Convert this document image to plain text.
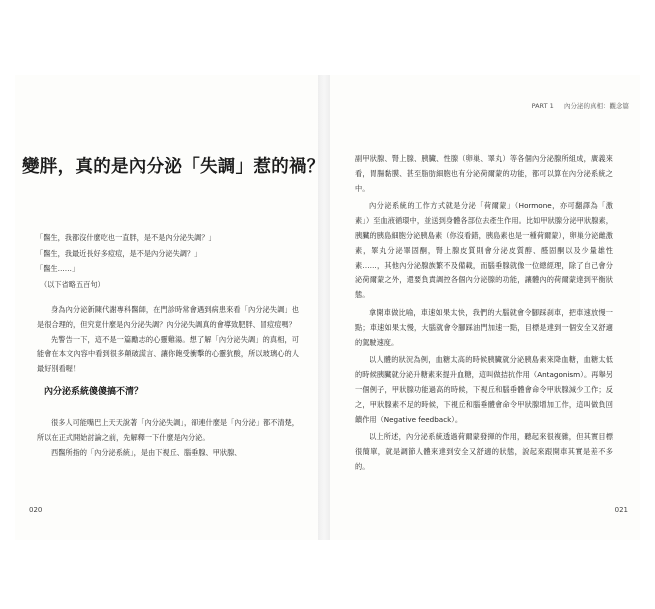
020	021
PART 1 內分泌的真相：觀念篇
變胖，真的是內分泌「失調」惹的禍？
「醫生，我都沒什麼吃也一直胖，是不是內分泌失調？」
「醫生，我最近長好多痘痘，是不是內分泌失調？」
「醫生……」
（以下省略五百句）

身為內分泌新陳代謝專科醫師，在門診時常會遇到病患來看「內分泌失調」也是很合理的，但究竟什麼是內分泌失調？內分泌失調真的會導致肥胖、冒痘痘嗎？

先警告一下，這不是一篇勵志的心靈雞湯。想了解「內分泌失調」的真相，可能會在本文內容中看到很多顛破謊言、讓你飽受衝擊的心靈犺酸，所以玻璃心的人最好別看喔！

內分泌系統傻傻搞不清？

很多人可能嘴巴上天天說著「內分泌失調」，卻連什麼是「內分泌」都不清楚，所以在正式開始討論之前，先解釋一下什麼是內分泌。

西醫所指的「內分泌系統」，是由下視丘、腦垂腺、甲狀腺、

副甲狀腺、腎上腺、胰臟、性腺（卵巢、睪丸）等各個內分泌腺所組成，廣義來看，胃腸黏膜、甚至脂肪細胞也有分泌荷爾蒙的功能，都可以算在內分泌系統之中。

內分泌系統的工作方式就是分泌「荷爾蒙」（Hormone，亦可翻譯為「激素」）至血液循環中，並送到身體各部位去產生作用。比如甲狀腺分泌甲狀腺素，胰臟的胰島細胞分泌胰島素（你沒看錯，胰島素也是一種荷爾蒙），卵巢分泌雌激素，睪丸分泌睪固酮，腎上腺皮質則會分泌皮質醇、醛固酮以及少量雄性素……，其他內分泌腺族繁不及備載，而腦垂腺就像一位總經理，除了自己會分泌荷爾蒙之外，還要負責調控各個內分泌腺的功能，讓體內的荷爾蒙達到平衡狀態。

拿開車做比喻，車速如果太快，我們的大腦就會令腳踩刹車，把車速放慢一點；車速如果太慢，大腦就會令腳踩油門加速一點，目標是達到一個安全又舒適的駕駛速度。

以人體的狀況為例，血糖太高的時候胰臟就分泌胰島素來降血糖，血糖太低的時候胰臟就分泌升糖素來提升血糖，這叫做拮抗作用（Antagonism）。再舉另一個例子，甲狀腺功能過高的時候，下視丘和腦垂體會命令甲狀腺減少工作；反之，甲狀腺素不足的時候，下視丘和腦垂體會命令甲狀腺增加工作，這叫做負回饋作用（Negative feedback）。

以上所述，內分泌系統透過荷爾蒙發揮的作用，聽起來很複雜，但其實目標很簡單，就是調節人體來達到安全又舒適的狀態，說起來跟開車其實是差不多的。
